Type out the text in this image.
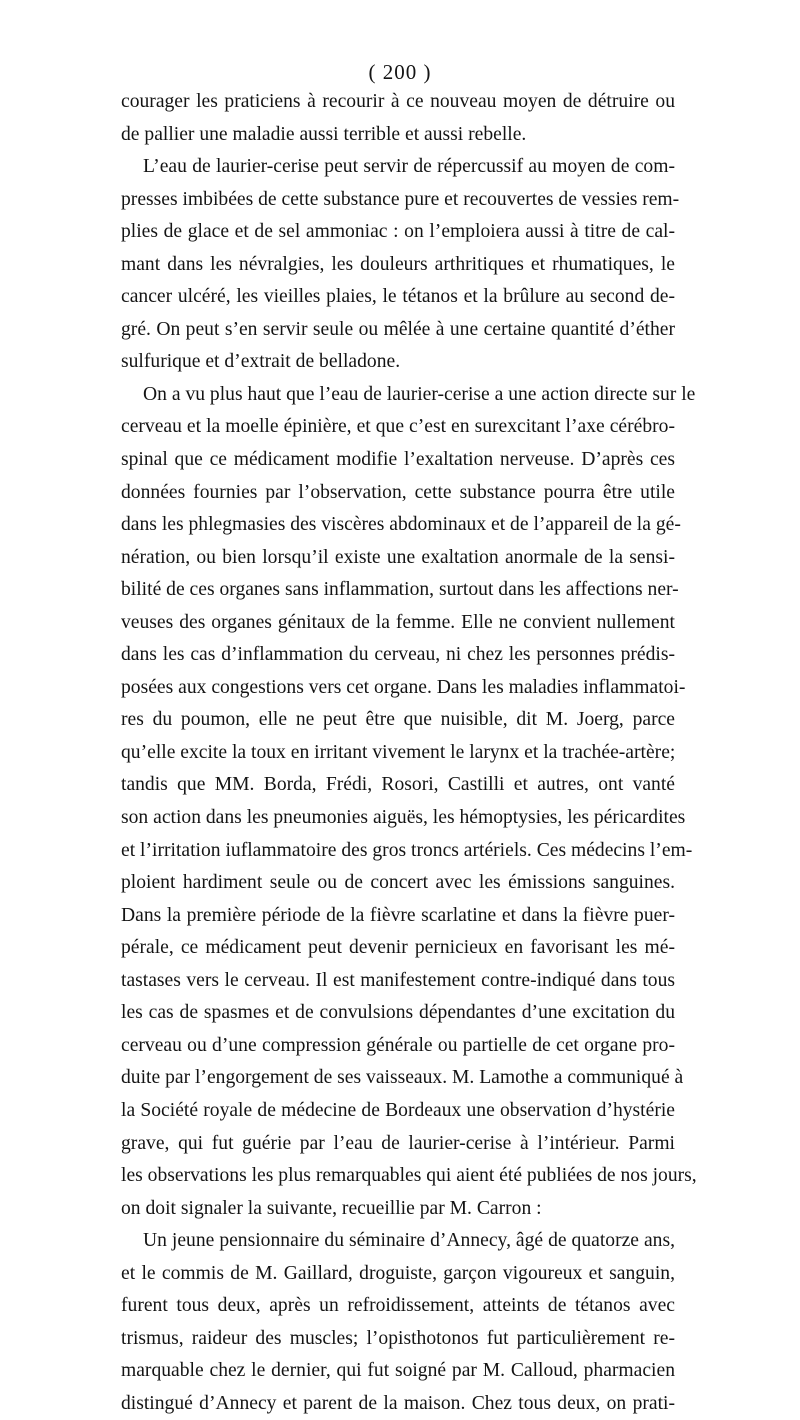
( 200 )
courager les praticiens à recourir à ce nouveau moyen de détruire ou
de pallier une maladie aussi terrible et aussi rebelle.
L’eau de laurier-cerise peut servir de répercussif au moyen de com-
presses imbibées de cette substance pure et recouvertes de vessies rem-
plies de glace et de sel ammoniac : on l’emploiera aussi à titre de cal-
mant dans les névralgies, les douleurs arthritiques et rhumatiques, le
cancer ulcéré, les vieilles plaies, le tétanos et la brûlure au second de-
gré. On peut s’en servir seule ou mêlée à une certaine quantité d’éther
sulfurique et d’extrait de belladone.
On a vu plus haut que l’eau de laurier-cerise a une action directe sur le
cerveau et la moelle épinière, et que c’est en surexcitant l’axe cérébro-
spinal que ce médicament modifie l’exaltation nerveuse. D’après ces
données fournies par l’observation, cette substance pourra être utile
dans les phlegmasies des viscères abdominaux et de l’appareil de la gé-
nération, ou bien lorsqu’il existe une exaltation anormale de la sensi-
bilité de ces organes sans inflammation, surtout dans les affections ner-
veuses des organes génitaux de la femme. Elle ne convient nullement
dans les cas d’inflammation du cerveau, ni chez les personnes prédis-
posées aux congestions vers cet organe. Dans les maladies inflammatoi-
res du poumon, elle ne peut être que nuisible, dit M. Joerg, parce
qu’elle excite la toux en irritant vivement le larynx et la trachée-artère;
tandis que MM. Borda, Frédi, Rosori, Castilli et autres, ont vanté
son action dans les pneumonies aiguës, les hémoptysies, les péricardites
et l’irritation iuflammatoire des gros troncs artériels. Ces médecins l’em-
ploient hardiment seule ou de concert avec les émissions sanguines.
Dans la première période de la fièvre scarlatine et dans la fièvre puer-
pérale, ce médicament peut devenir pernicieux en favorisant les mé-
tastases vers le cerveau. Il est manifestement contre-indiqué dans tous
les cas de spasmes et de convulsions dépendantes d’une excitation du
cerveau ou d’une compression générale ou partielle de cet organe pro-
duite par l’engorgement de ses vaisseaux. M. Lamothe a communiqué à
la Société royale de médecine de Bordeaux une observation d’hystérie
grave, qui fut guérie par l’eau de laurier-cerise à l’intérieur. Parmi
les observations les plus remarquables qui aient été publiées de nos jours,
on doit signaler la suivante, recueillie par M. Carron :
Un jeune pensionnaire du séminaire d’Annecy, âgé de quatorze ans,
et le commis de M. Gaillard, droguiste, garçon vigoureux et sanguin,
furent tous deux, après un refroidissement, atteints de tétanos avec
trismus, raideur des muscles; l’opisthotonos fut particulièrement re-
marquable chez le dernier, qui fut soigné par M. Calloud, pharmacien
distingué d’Annecy et parent de la maison. Chez tous deux, on prati-
